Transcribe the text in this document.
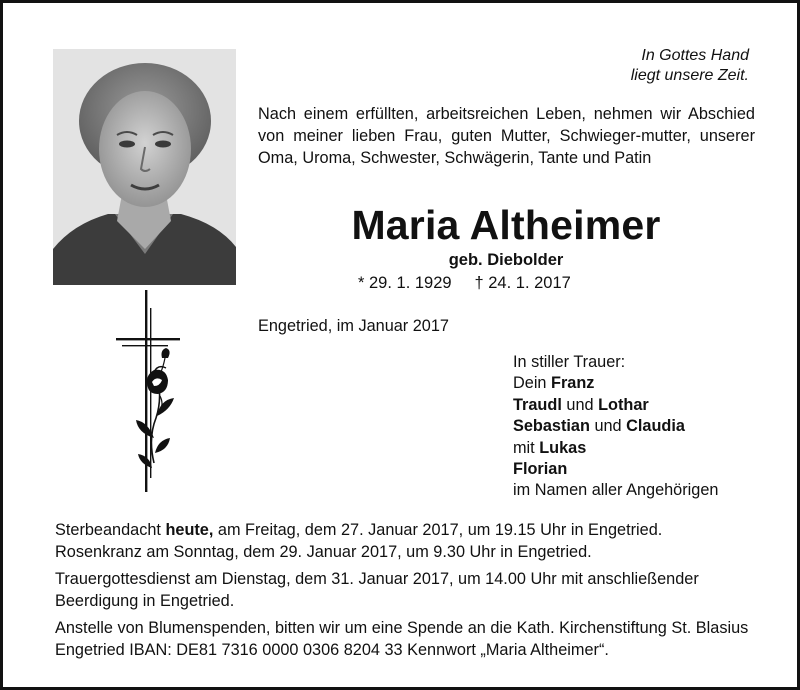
In Gottes Hand
liegt unsere Zeit.
Nach einem erfüllten, arbeitsreichen Leben, nehmen wir Abschied von meiner lieben Frau, guten Mutter, Schwieger-mutter, unserer Oma, Uroma, Schwester, Schwägerin, Tante und Patin
Maria Altheimer
geb. Diebolder
* 29. 1. 1929 † 24. 1. 2017
Engetried, im Januar 2017
In stiller Trauer:
Dein Franz
Traudl und Lothar
Sebastian und Claudia
mit Lukas
Florian
im Namen aller Angehörigen

Sterbeandacht heute, am Freitag, dem 27. Januar 2017, um 19.15 Uhr in Engetried.

Rosenkranz am Sonntag, dem 29. Januar 2017, um 9.30 Uhr in Engetried.

Trauergottesdienst am Dienstag, dem 31. Januar 2017, um 14.00 Uhr mit anschließender Beerdigung in Engetried.

Anstelle von Blumenspenden, bitten wir um eine Spende an die Kath. Kirchenstiftung St. Blasius Engetried IBAN: DE81 7316 0000 0306 8204 33 Kennwort „Maria Altheimer“.
